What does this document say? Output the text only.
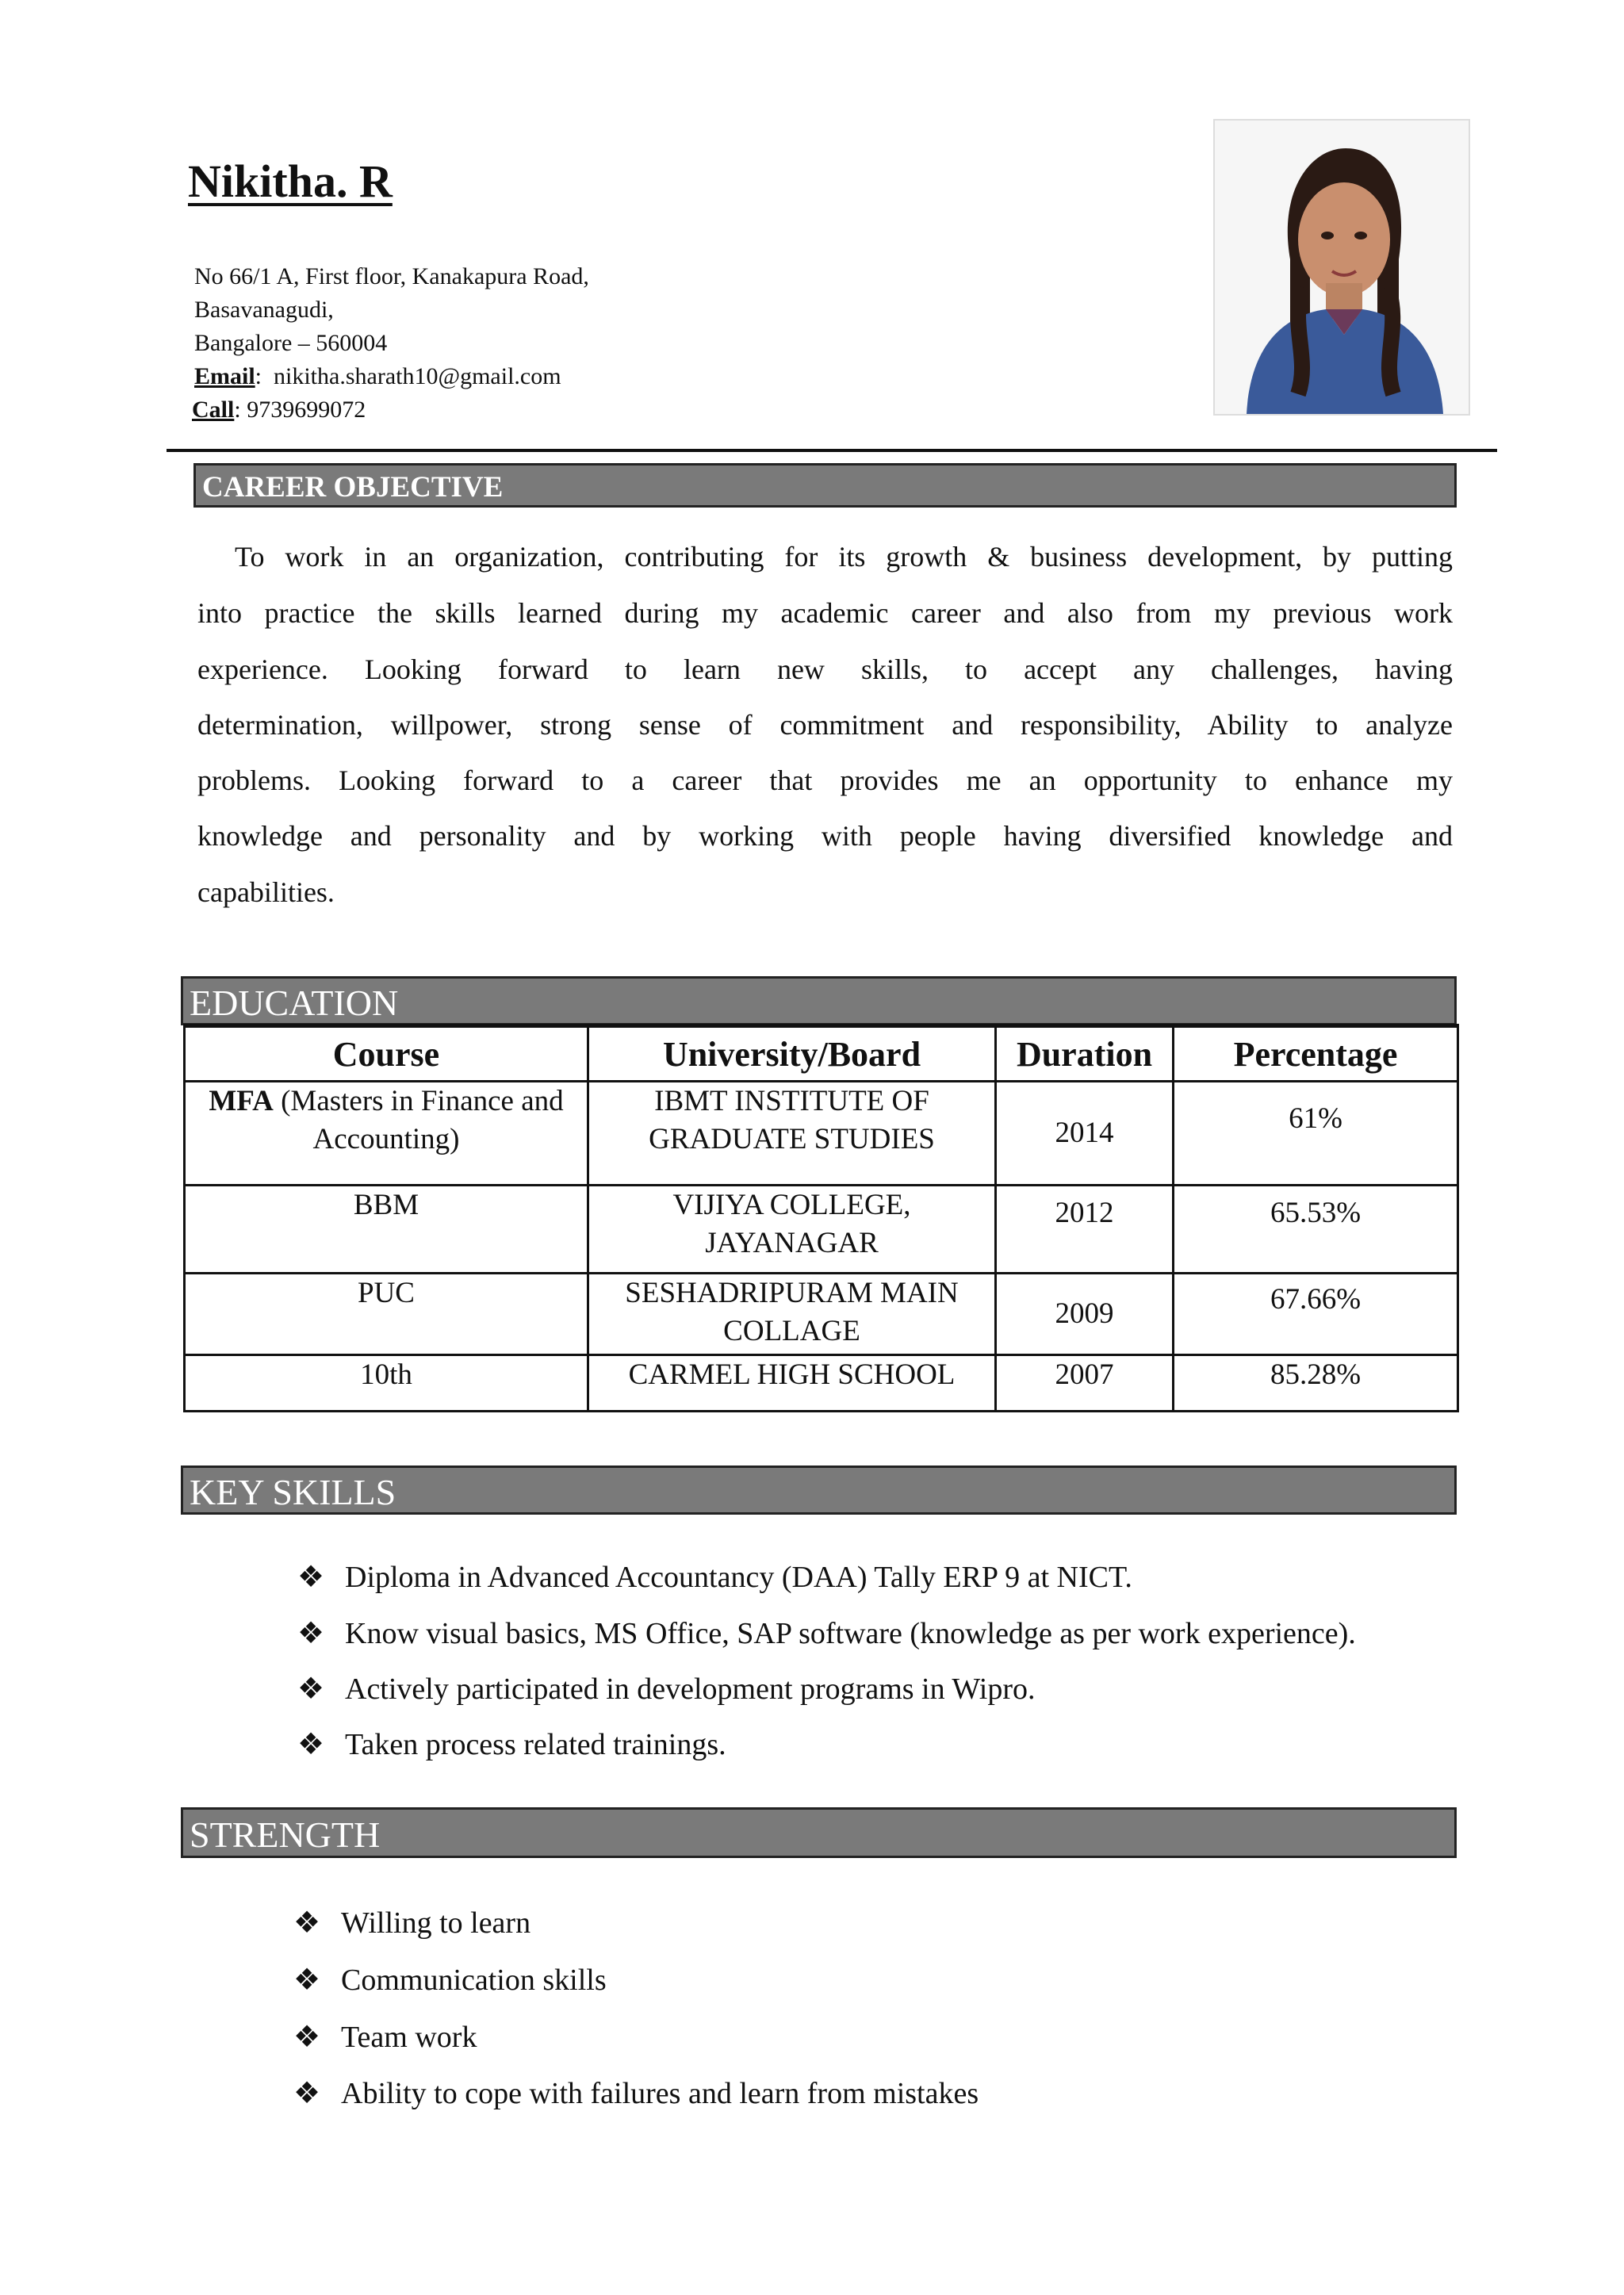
Nikitha. R
No 66/1 A, First floor, Kanakapura Road,
Basavanagudi,
Bangalore – 560004
Email:  nikitha.sharath10@gmail.com
Call: 9739699072
CAREER OBJECTIVE
To work in an organization, contributing for its growth & business development, by putting
into practice the skills learned during my academic career and also from my previous work
experience. Looking forward to learn new skills, to accept any challenges, having
determination, willpower, strong sense of commitment and responsibility, Ability to analyze
problems. Looking forward to a career that provides me an opportunity to enhance my
knowledge and personality and by working with people having diversified knowledge and
capabilities.
EDUCATION
Course	University/Board	Duration	Percentage
MFA (Masters in Finance and Accounting)	IBMT INSTITUTE OF GRADUATE STUDIES	2014	61%
BBM	VIJIYA COLLEGE, JAYANAGAR	2012	65.53%
PUC	SESHADRIPURAM MAIN COLLAGE	2009	67.66%
10th	CARMEL HIGH SCHOOL	2007	85.28%
KEY SKILLS
❖ Diploma in Advanced Accountancy (DAA) Tally ERP 9 at NICT.
❖ Know visual basics, MS Office, SAP software (knowledge as per work experience).
❖ Actively participated in development programs in Wipro.
❖ Taken process related trainings.
STRENGTH
❖ Willing to learn
❖ Communication skills
❖ Team work
❖ Ability to cope with failures and learn from mistakes
